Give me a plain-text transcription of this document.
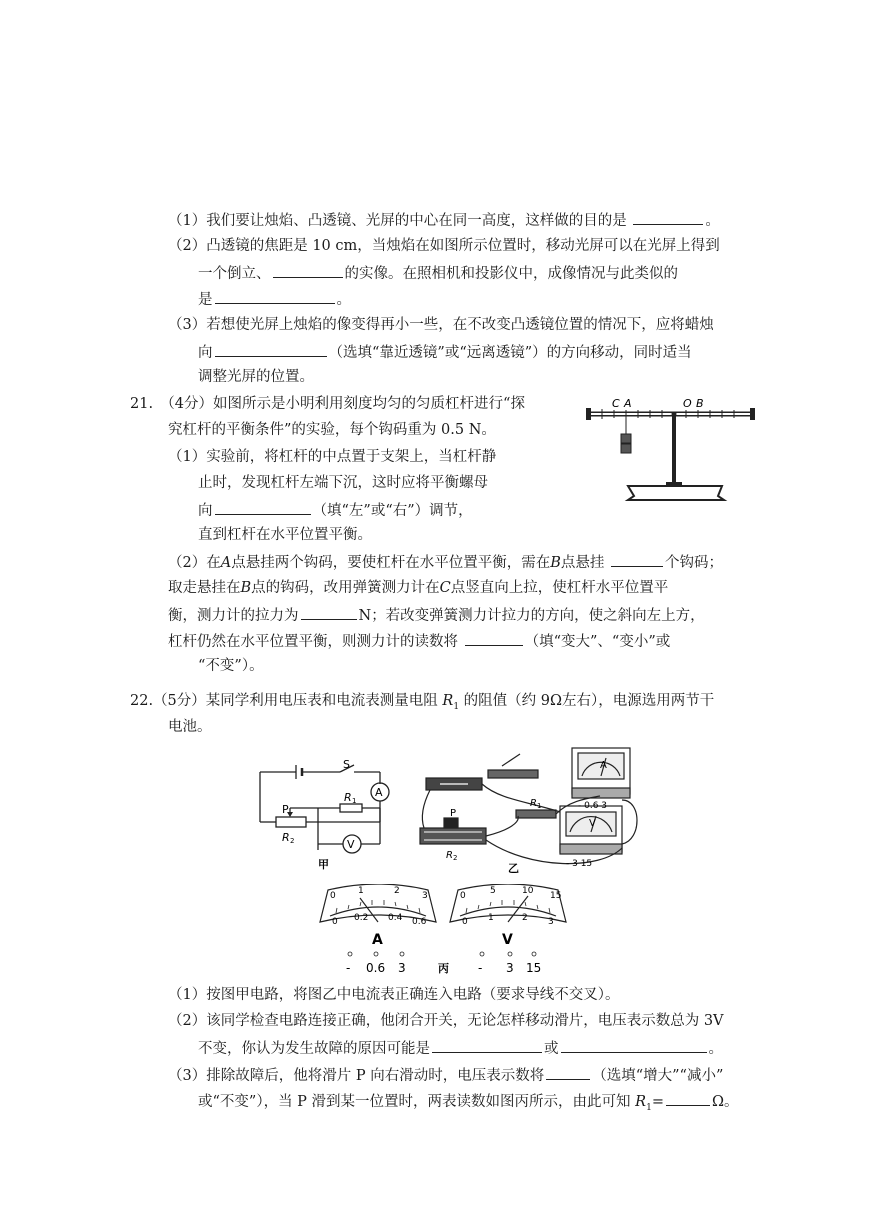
（1）我们要让烛焰、凸透镜、光屏的中心在同一高度，这样做的目的是	。
（2）凸透镜的焦距是 10 cm，当烛焰在如图所示位置时，移动光屏可以在光屏上得到
一个倒立、	的实像。在照相机和投影仪中，成像情况与此类似的
是	。
（3）若想使光屏上烛焰的像变得再小一些，在不改变凸透镜位置的情况下，应将蜡烛
向	（选填“靠近透镜”或“远离透镜”）的方向移动，同时适当
调整光屏的位置。
21.　（4分）如图所示是小明利用刻度均匀的匀质杠杆进行“探
究杠杆的平衡条件”的实验，每个钩码重为 0.5 N。
（1）实验前，将杠杆的中点置于支架上，当杠杆静
止时，发现杠杆左端下沉，这时应将平衡螺母
向	（填“左”或“右”）调节，
直到杠杆在水平位置平衡。
（2）在A点悬挂两个钩码，要使杠杆在水平位置平衡，需在B点悬挂	个钩码；
取走悬挂在B点的钩码，改用弹簧测力计在C点竖直向上拉，使杠杆水平位置平
衡，测力计的拉力为	N；若改变弹簧测力计拉力的方向，使之斜向左上方，
杠杆仍然在水平位置平衡，则测力计的读数将	（填“变大”、“变小”或
“不变”）。
C A	O B
22.（5分）某同学利用电压表和电流表测量电阻 $R_1$ 的阻值（约 9Ω左右），电源选用两节干
电池。
S
A
V
P
R 1
R 2
甲
A
V
P
R 1
R 2
- 0.6 3
- 3 15
乙
0 1	2 3
0 0.2 0.4 0.6
0	5	10 15
0 1	2 3
A	V
- 0.6 3	- 3 15
丙
（1）按图甲电路，将图乙中电流表正确连入电路（要求导线不交叉）。
（2）该同学检查电路连接正确，他闭合开关，无论怎样移动滑片，电压表示数总为 3V
不变，你认为发生故障的原因可能是	或	。
（3）排除故障后，他将滑片 P 向右滑动时，电压表示数将	（选填“增大”“减小”
或“不变”），当 P 滑到某一位置时，两表读数如图丙所示，由此可知 $R_1=$	Ω。
